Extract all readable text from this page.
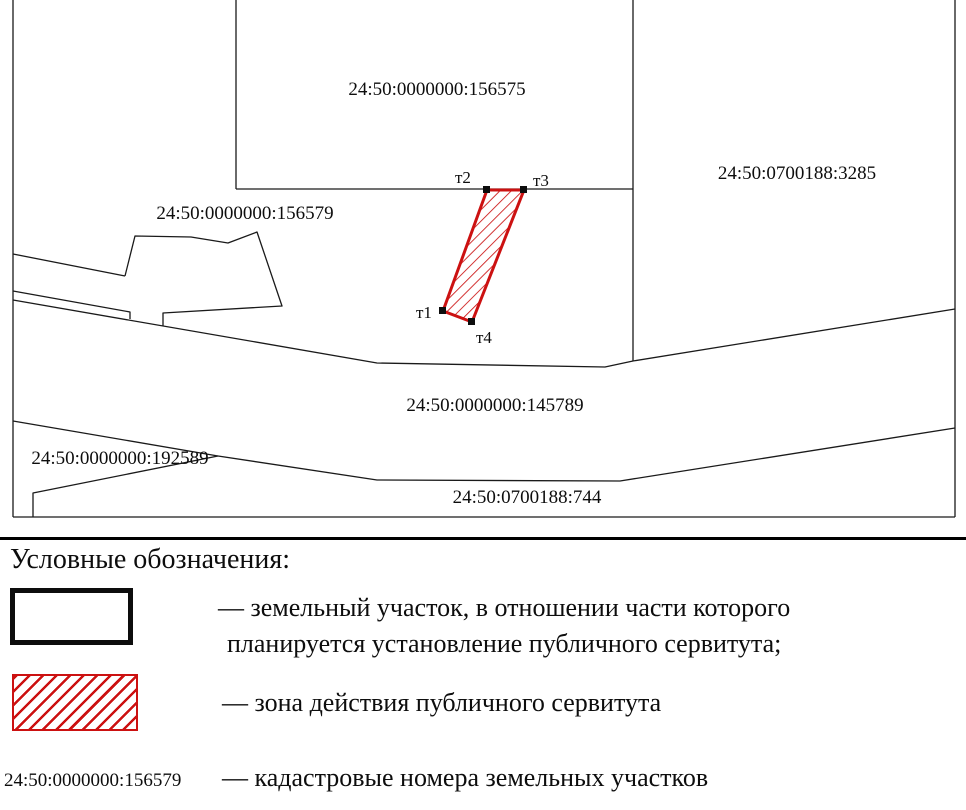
т2	т3
т1
т4
24:50:0000000:156575
24:50:0700188:3285
24:50:0000000:156579
24:50:0000000:145789
24:50:0000000:192589
24:50:0700188:744
Условные обозначения:
— земельный участок, в отношении части которого
планируется установление публичного сервитута;
— зона действия публичного сервитута
24:50:0000000:156579 — кадастровые номера земельных участков
